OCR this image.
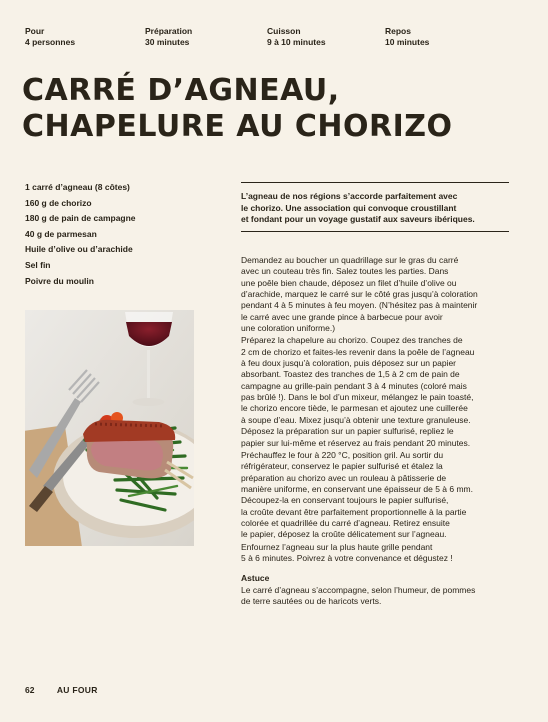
Pour
4 personnes
Préparation
30 minutes
Cuisson
9 à 10 minutes
Repos
10 minutes
CARRÉ D’AGNEAU,
CHAPELURE AU CHORIZO
1 carré d’agneau (8 côtes)
160 g de chorizo
180 g de pain de campagne
40 g de parmesan
Huile d’olive ou d’arachide
Sel fin
Poivre du moulin
L’agneau de nos régions s’accorde parfaitement avec
le chorizo. Une association qui convoque croustillant
et fondant pour un voyage gustatif aux saveurs ibériques.
Demandez au boucher un quadrillage sur le gras du carré
avec un couteau très fin. Salez toutes les parties. Dans
une poêle bien chaude, déposez un filet d’huile d’olive ou
d’arachide, marquez le carré sur le côté gras jusqu’à coloration
pendant 4 à 5 minutes à feu moyen. (N’hésitez pas à maintenir
le carré avec une grande pince à barbecue pour avoir
une coloration uniforme.)
Préparez la chapelure au chorizo. Coupez des tranches de
2 cm de chorizo et faites-les revenir dans la poêle de l’agneau
à feu doux jusqu’à coloration, puis déposez sur un papier
absorbant. Toastez des tranches de 1,5 à 2 cm de pain de
campagne au grille-pain pendant 3 à 4 minutes (coloré mais
pas brûlé !). Dans le bol d’un mixeur, mélangez le pain toasté,
le chorizo encore tiède, le parmesan et ajoutez une cuillerée
à soupe d’eau. Mixez jusqu’à obtenir une texture granuleuse.
Déposez la préparation sur un papier sulfurisé, repliez le
papier sur lui-même et réservez au frais pendant 20 minutes.
Préchauffez le four à 220 °C, position gril. Au sortir du
réfrigérateur, conservez le papier sulfurisé et étalez la
préparation au chorizo avec un rouleau à pâtisserie de
manière uniforme, en conservant une épaisseur de 5 à 6 mm.
Découpez-la en conservant toujours le papier sulfurisé,
la croûte devant être parfaitement proportionnelle à la partie
colorée et quadrillée du carré d’agneau. Retirez ensuite
le papier, déposez la croûte délicatement sur l’agneau.
Enfournez l’agneau sur la plus haute grille pendant
5 à 6 minutes. Poivrez à votre convenance et dégustez !
Astuce
Le carré d’agneau s’accompagne, selon l’humeur, de pommes
de terre sautées ou de haricots verts.
62	AU FOUR
